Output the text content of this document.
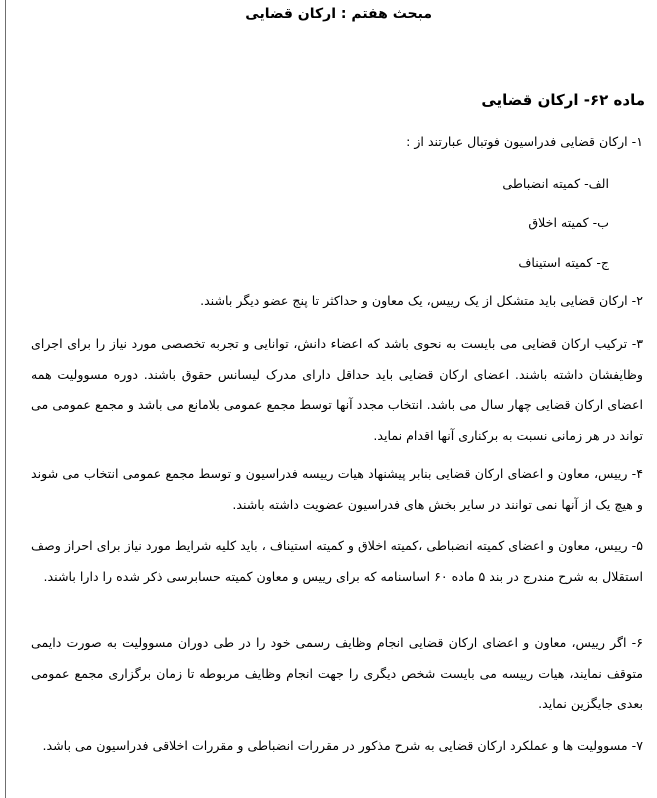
مبحث هفتم : ارکان قضایی
ماده ۶۲- ارکان قضایی

۱- ارکان قضایی فدراسیون فوتبال عبارتند از :

الف- کمیته انضباطی
ب- کمیته اخلاق
ج- کمیته استیناف

۲- ارکان قضایی باید متشکل از یک رییس، یک معاون و حداکثر تا پنج عضو دیگر باشند.

۳- ترکیب ارکان قضایی می بایست به نحوی باشد که اعضاء دانش، توانایی و تجربه تخصصی مورد نیاز را برای اجرای وظایفشان داشته باشند. اعضای ارکان قضایی باید حداقل دارای مدرک لیسانس حقوق باشند. دوره مسوولیت همه اعضای ارکان قضایی چهار سال می باشد. انتخاب مجدد آنها توسط مجمع عمومی بلامانع می باشد و مجمع عمومی می تواند در هر زمانی نسبت به برکناری آنها اقدام نماید.

۴- رییس، معاون و اعضای ارکان قضایی بنابر پیشنهاد هیات رییسه فدراسیون و توسط مجمع عمومی انتخاب می شوند و هیچ یک از آنها نمی توانند در سایر بخش های فدراسیون عضویت داشته باشند.

۵- رییس، معاون و اعضای کمیته انضباطی ،کمیته اخلاق و کمیته استیناف ، باید کلیه شرایط مورد نیاز برای احراز وصف استقلال به شرح مندرج در بند ۵ ماده ۶۰ اساسنامه که برای رییس و معاون کمیته حسابرسی ذکر شده را دارا باشند.

۶- اگر رییس، معاون و اعضای ارکان قضایی انجام وظایف رسمی خود را در طی دوران مسوولیت به صورت دایمی متوقف نمایند، هیات رییسه می بایست شخص دیگری را جهت انجام وظایف مربوطه تا زمان برگزاری مجمع عمومی بعدی جایگزین نماید.

۷- مسوولیت ها و عملکرد ارکان قضایی به شرح مذکور در مقررات انضباطی و مقررات اخلاقی فدراسیون می باشد.
